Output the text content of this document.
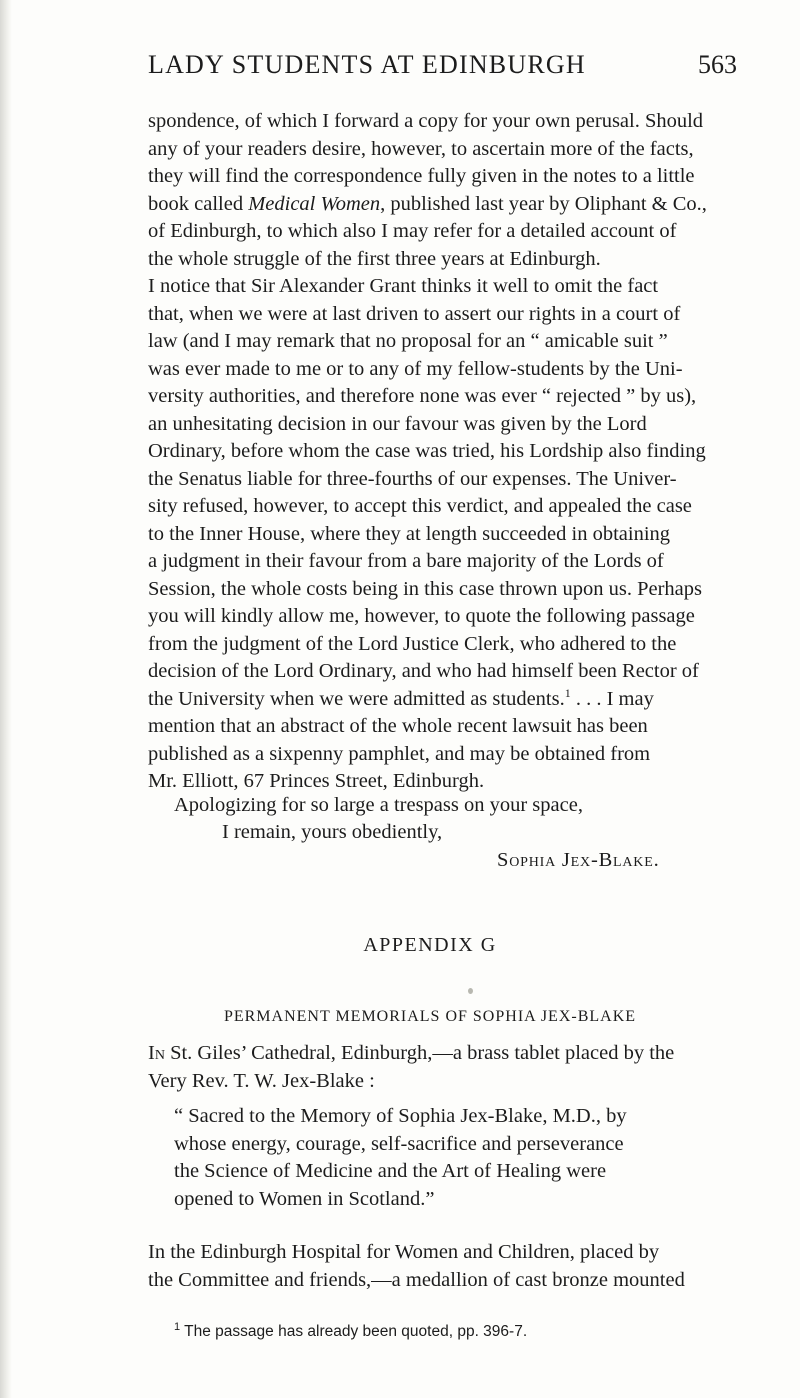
LADY STUDENTS AT EDINBURGH	563

spondence, of which I forward a copy for your own perusal. Should
any of your readers desire, however, to ascertain more of the facts,
they will find the correspondence fully given in the notes to a little
book called Medical Women, published last year by Oliphant & Co.,
of Edinburgh, to which also I may refer for a detailed account of
the whole struggle of the first three years at Edinburgh.

I notice that Sir Alexander Grant thinks it well to omit the fact
that, when we were at last driven to assert our rights in a court of
law (and I may remark that no proposal for an “ amicable suit ”
was ever made to me or to any of my fellow-students by the Uni-
versity authorities, and therefore none was ever “ rejected ” by us),
an unhesitating decision in our favour was given by the Lord
Ordinary, before whom the case was tried, his Lordship also finding
the Senatus liable for three-fourths of our expenses. The Univer-
sity refused, however, to accept this verdict, and appealed the case
to the Inner House, where they at length succeeded in obtaining
a judgment in their favour from a bare majority of the Lords of
Session, the whole costs being in this case thrown upon us. Perhaps
you will kindly allow me, however, to quote the following passage
from the judgment of the Lord Justice Clerk, who adhered to the
decision of the Lord Ordinary, and who had himself been Rector of
the University when we were admitted as students.$^1$ . . . I may
mention that an abstract of the whole recent lawsuit has been
published as a sixpenny pamphlet, and may be obtained from
Mr. Elliott, 67 Princes Street, Edinburgh.

Apologizing for so large a trespass on your space,
I remain, yours obediently,
Sophia Jex-Blake.
APPENDIX G
PERMANENT MEMORIALS OF SOPHIA JEX-BLAKE
In St. Giles’ Cathedral, Edinburgh,—a brass tablet placed by the
Very Rev. T. W. Jex-Blake :
“ Sacred to the Memory of Sophia Jex-Blake, M.D., by
whose energy, courage, self-sacrifice and perseverance
the Science of Medicine and the Art of Healing were
opened to Women in Scotland.”
In the Edinburgh Hospital for Women and Children, placed by
the Committee and friends,—a medallion of cast bronze mounted
$^1$ The passage has already been quoted, pp. 396-7.
